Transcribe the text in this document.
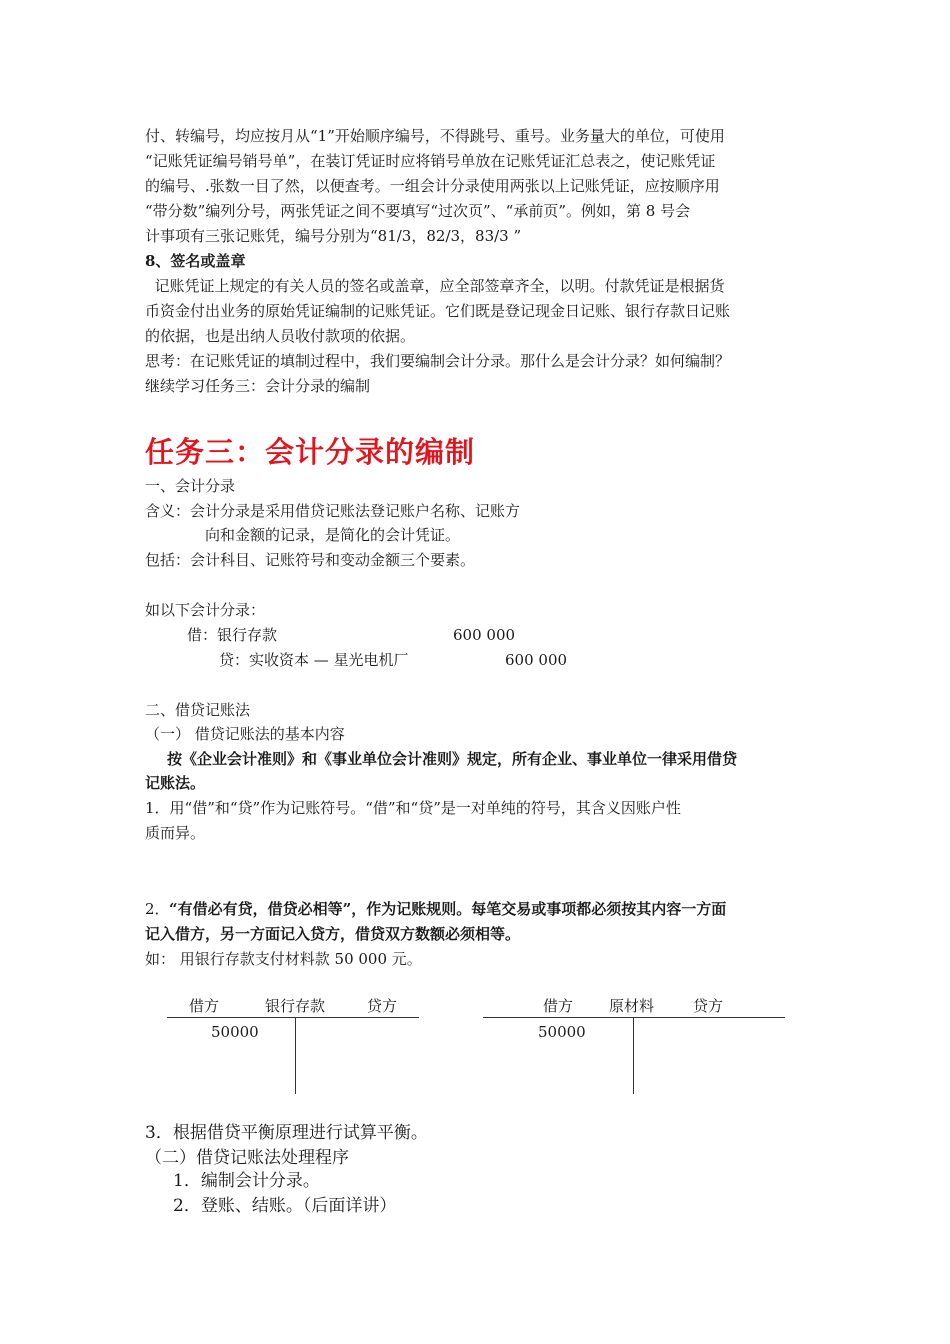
付、转编号，均应按月从“1”开始顺序编号，不得跳号、重号。业务量大的单位，可使用
“记账凭证编号销号单”，在装订凭证时应将销号单放在记账凭证汇总表之，使记账凭证
的编号、.张数一目了然，以便查考。一组会计分录使用两张以上记账凭证，应按顺序用
“带分数”编列分号，两张凭证之间不要填写“过次页”、“承前页”。例如，第 8 号会
计事项有三张记账凭，编号分别为“81/3，82/3，83/3 ”
8、签名或盖章
记账凭证上规定的有关人员的签名或盖章，应全部签章齐全，以明。付款凭证是根据货
币资金付出业务的原始凭证编制的记账凭证。它们既是登记现金日记账、银行存款日记账
的依据，也是出纳人员收付款项的依据。
思考：在记账凭证的填制过程中，我们要编制会计分录。那什么是会计分录？如何编制？
继续学习任务三：会计分录的编制
任务三：会计分录的编制
一、会计分录
含义：会计分录是采用借贷记账法登记账户名称、记账方
向和金额的记录，是简化的会计凭证。
包括：会计科目、记账符号和变动金额三个要素。
如以下会计分录：
借：银行存款	600 000
贷：实收资本 — 星光电机厂	600 000
二、借贷记账法
（一） 借贷记账法的基本内容
按《企业会计准则》和《事业单位会计准则》规定，所有企业、事业单位一律采用借贷
记账法。
1．用“借”和“贷”作为记账符号。“借”和“贷”是一对单纯的符号，其含义因账户性
质而异。
2． “有借必有贷，借贷必相等”，作为记账规则。每笔交易或事项都必须按其内容一方面
记入借方，另一方面记入贷方，借贷双方数额必须相等。
如： 用银行存款支付材料款 50 000 元。
借方	银行存款	贷方
50000
借方 原材料	贷方
50000
3．根据借贷平衡原理进行试算平衡。
（二）借贷记账法处理程序
1．编制会计分录。
2．登账、结账。（后面详讲）
